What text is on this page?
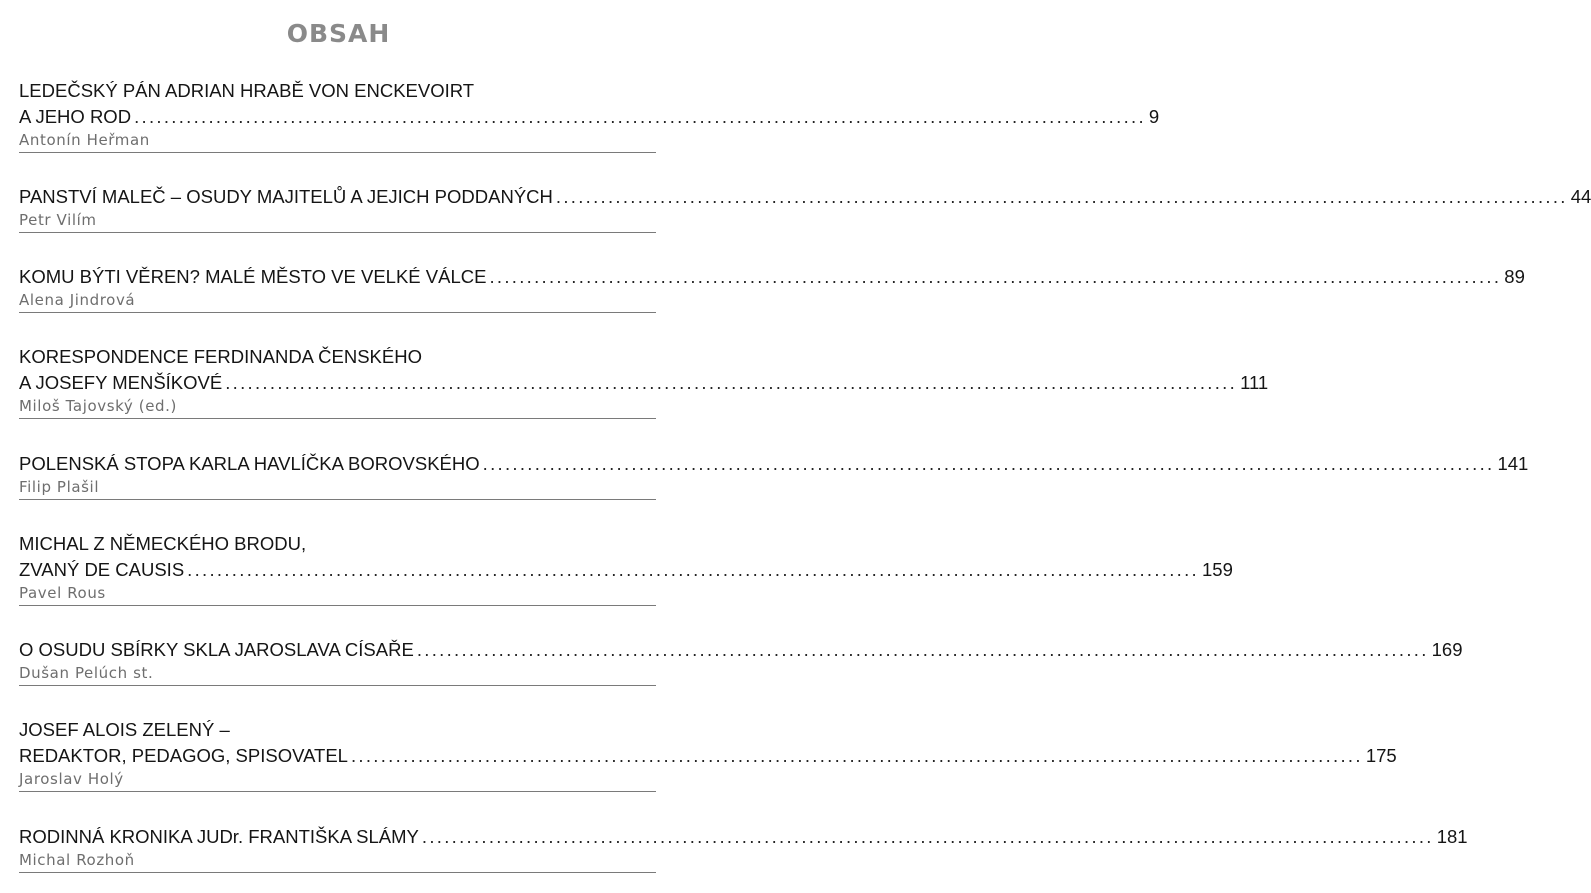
OBSAH
LEDEČSKÝ PÁN ADRIAN HRABĚ VON ENCKEVOIRT
A JEHO ROD ........................................................................................................................................ 9
Antonín Heřman
PANSTVÍ MALEČ – OSUDY MAJITELŮ A JEJICH PODDANÝCH ........................................................................................................................................ 44
Petr Vilím
KOMU BÝTI VĚREN? MALÉ MĚSTO VE VELKÉ VÁLCE ........................................................................................................................................ 89
Alena Jindrová
KORESPONDENCE FERDINANDA ČENSKÉHO
A JOSEFY MENŠÍKOVÉ ........................................................................................................................................ 111
Miloš Tajovský (ed.)
POLENSKÁ STOPA KARLA HAVLÍČKA BOROVSKÉHO ........................................................................................................................................ 141
Filip Plašil
MICHAL Z NĚMECKÉHO BRODU,
ZVANÝ DE CAUSIS ........................................................................................................................................ 159
Pavel Rous
O OSUDU SBÍRKY SKLA JAROSLAVA CÍSAŘE ........................................................................................................................................ 169
Dušan Pelúch st.
JOSEF ALOIS ZELENÝ –
REDAKTOR, PEDAGOG, SPISOVATEL ........................................................................................................................................ 175
Jaroslav Holý
RODINNÁ KRONIKA JUDr. FRANTIŠKA SLÁMY ........................................................................................................................................ 181
Michal Rozhoň
